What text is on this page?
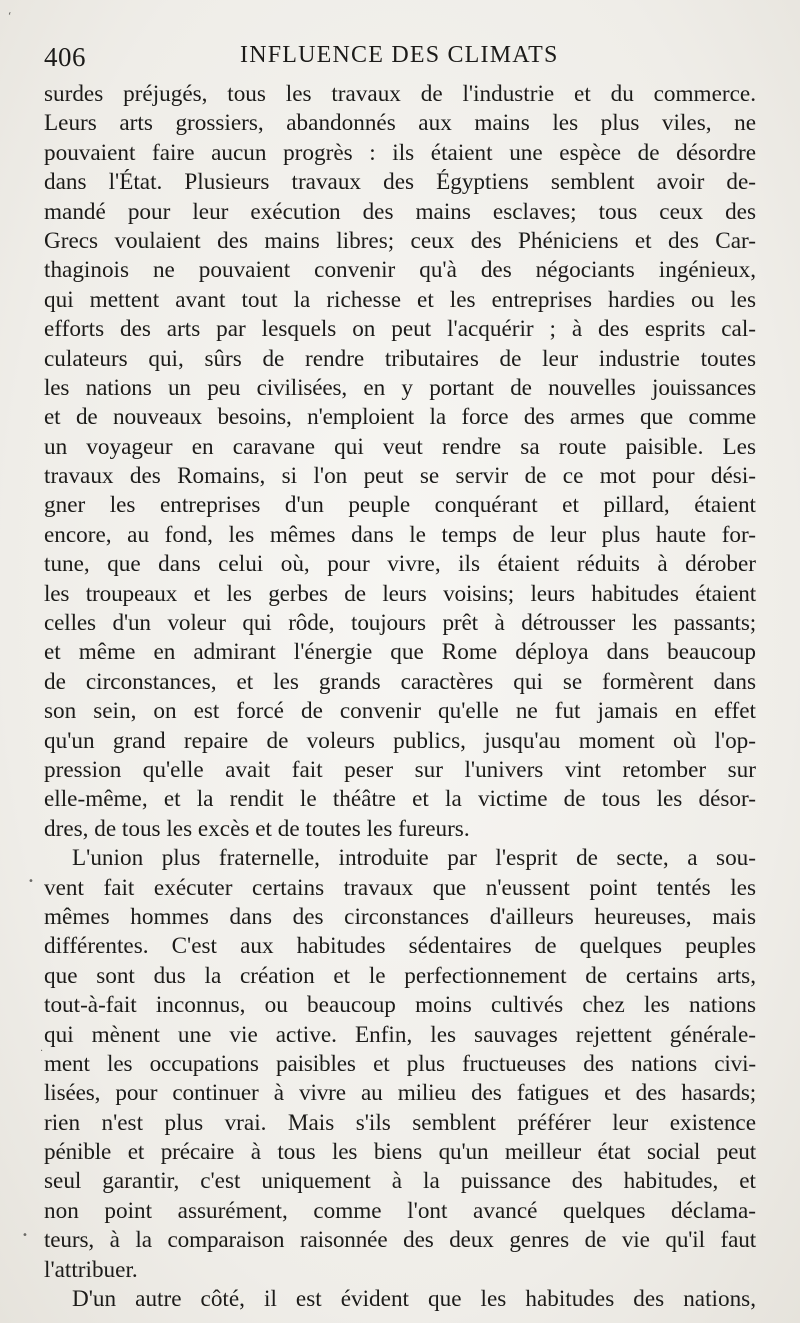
‘
•
·
•
406	INFLUENCE DES CLIMATS
surdes préjugés, tous les travaux de l'industrie et du commerce.
Leurs arts grossiers, abandonnés aux mains les plus viles, ne
pouvaient faire aucun progrès : ils étaient une espèce de désordre
dans l'État. Plusieurs travaux des Égyptiens semblent avoir de-
mandé pour leur exécution des mains esclaves; tous ceux des
Grecs voulaient des mains libres; ceux des Phéniciens et des Car-
thaginois ne pouvaient convenir qu'à des négociants ingénieux,
qui mettent avant tout la richesse et les entreprises hardies ou les
efforts des arts par lesquels on peut l'acquérir ; à des esprits cal-
culateurs qui, sûrs de rendre tributaires de leur industrie toutes
les nations un peu civilisées, en y portant de nouvelles jouissances
et de nouveaux besoins, n'emploient la force des armes que comme
un voyageur en caravane qui veut rendre sa route paisible. Les
travaux des Romains, si l'on peut se servir de ce mot pour dési-
gner les entreprises d'un peuple conquérant et pillard, étaient
encore, au fond, les mêmes dans le temps de leur plus haute for-
tune, que dans celui où, pour vivre, ils étaient réduits à dérober
les troupeaux et les gerbes de leurs voisins; leurs habitudes étaient
celles d'un voleur qui rôde, toujours prêt à détrousser les passants;
et même en admirant l'énergie que Rome déploya dans beaucoup
de circonstances, et les grands caractères qui se formèrent dans
son sein, on est forcé de convenir qu'elle ne fut jamais en effet
qu'un grand repaire de voleurs publics, jusqu'au moment où l'op-
pression qu'elle avait fait peser sur l'univers vint retomber sur
elle-même, et la rendit le théâtre et la victime de tous les désor-
dres, de tous les excès et de toutes les fureurs.
L'union plus fraternelle, introduite par l'esprit de secte, a sou-
vent fait exécuter certains travaux que n'eussent point tentés les
mêmes hommes dans des circonstances d'ailleurs heureuses, mais
différentes. C'est aux habitudes sédentaires de quelques peuples
que sont dus la création et le perfectionnement de certains arts,
tout-à-fait inconnus, ou beaucoup moins cultivés chez les nations
qui mènent une vie active. Enfin, les sauvages rejettent générale-
ment les occupations paisibles et plus fructueuses des nations civi-
lisées, pour continuer à vivre au milieu des fatigues et des hasards;
rien n'est plus vrai. Mais s'ils semblent préférer leur existence
pénible et précaire à tous les biens qu'un meilleur état social peut
seul garantir, c'est uniquement à la puissance des habitudes, et
non point assurément, comme l'ont avancé quelques déclama-
teurs, à la comparaison raisonnée des deux genres de vie qu'il faut
l'attribuer.
D'un autre côté, il est évident que les habitudes des nations,
